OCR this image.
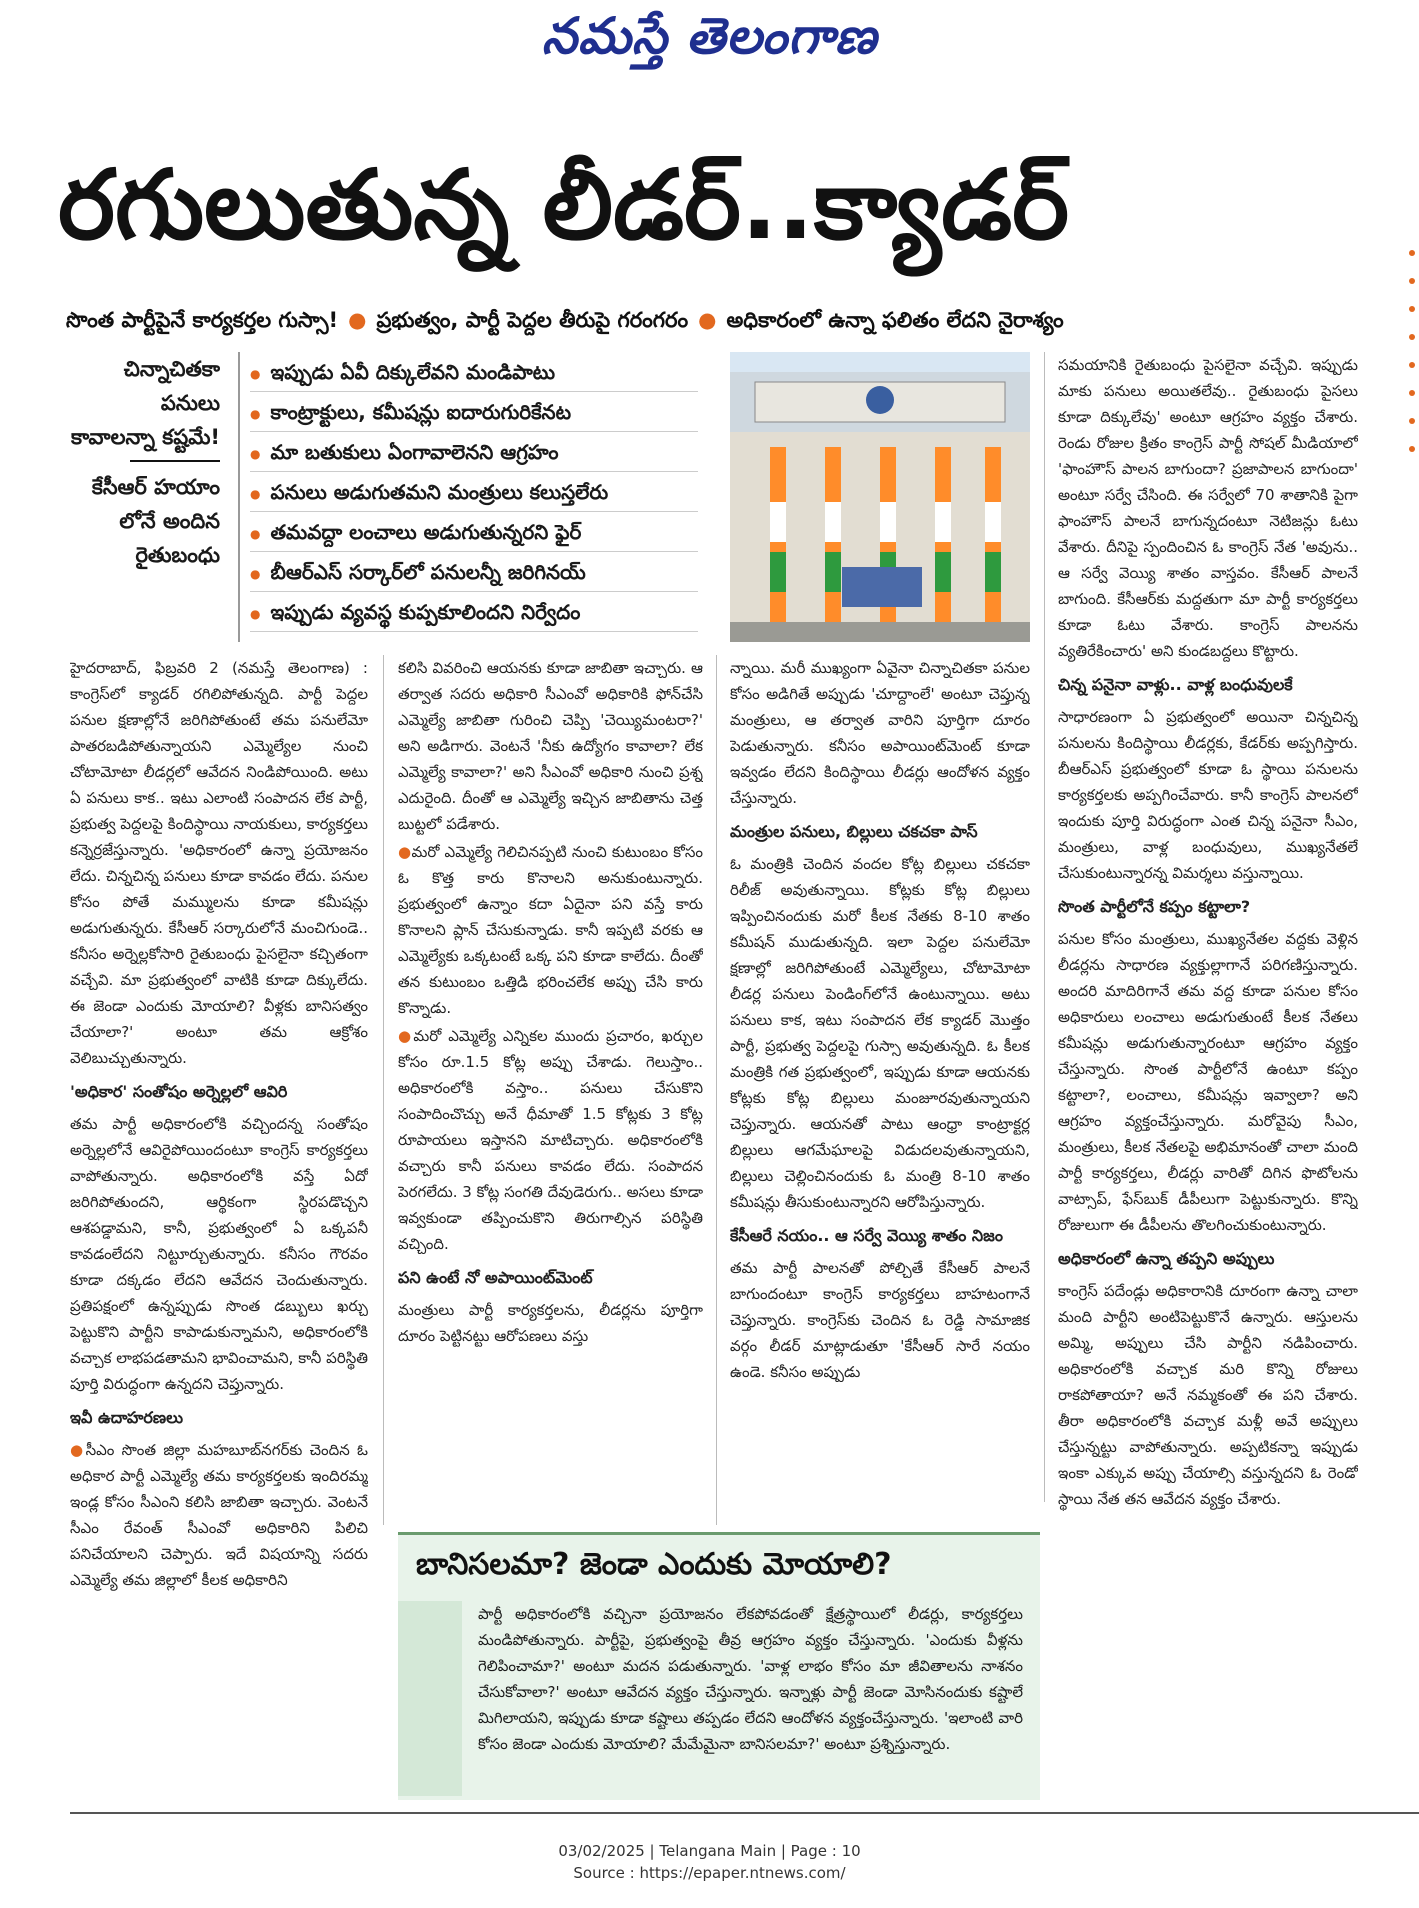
నమస్తే తెలంగాణ
రగులుతున్న లీడర్..క్యాడర్
సొంత పార్టీపైనే కార్యకర్తల గుస్సా! ● ప్రభుత్వం, పార్టీ పెద్దల తీరుపై గరంగరం ● అధికారంలో ఉన్నా ఫలితం లేదని నైరాశ్యం
చిన్నాచితకా పనులు కావాలన్నా కష్టమే!
కేసీఆర్ హయాం లోనే అందిన రైతుబంధు
● ఇప్పుడు ఏవీ దిక్కులేవని మండిపాటు
● కాంట్రాక్టులు, కమీషన్లు ఐదారుగురికేనట
● మా బతుకులు ఏంగావాలెనని ఆగ్రహం
● పనులు అడుగుతమని మంత్రులు కలుస్తలేరు
● తమవద్దా లంచాలు అడుగుతున్నరని ఫైర్
● బీఆర్ఎస్ సర్కార్‌లో పనులన్నీ జరిగినయ్
● ఇప్పుడు వ్యవస్థ కుప్పకూలిందని నిర్వేదం

హైదరాబాద్, ఫిబ్రవరి 2 (నమస్తే తెలంగాణ) : కాంగ్రెస్‌లో క్యాడర్ రగిలిపోతున్నది. పార్టీ పెద్దల పనుల క్షణాల్లోనే జరిగిపోతుంటే తమ పనులేమో పాతరబడిపోతున్నాయని ఎమ్మెల్యేల నుంచి చోటామోటా లీడర్లలో ఆవేదన నిండిపోయింది. అటు ఏ పనులు కాక.. ఇటు ఎలాంటి సంపాదన లేక పార్టీ, ప్రభుత్వ పెద్దలపై కిందిస్థాయి నాయకులు, కార్యకర్తలు కన్నెర్రజేస్తున్నారు. 'అధికారంలో ఉన్నా ప్రయోజనం లేదు. చిన్నచిన్న పనులు కూడా కావడం లేదు. పనుల కోసం పోతే మమ్ములను కూడా కమీషన్లు అడుగుతున్నరు. కేసీఆర్ సర్కారులోనే మంచిగుండె.. కనీసం అర్నెల్లకోసారి రైతుబంధు పైసలైనా కచ్చితంగా వచ్చేవి. మా ప్రభుత్వంలో వాటికి కూడా దిక్కులేదు. ఈ జెండా ఎందుకు మోయాలి? వీళ్లకు బానిసత్వం చేయాలా?' అంటూ తమ ఆక్రోశం వెలిబుచ్చుతున్నారు.

'అధికార' సంతోషం అర్నెల్లలో ఆవిరి

తమ పార్టీ అధికారంలోకి వచ్చిందన్న సంతోషం అర్నెల్లలోనే ఆవిరైపోయిందంటూ కాంగ్రెస్ కార్యకర్తలు వాపోతున్నారు. అధికారంలోకి వస్తే ఏదో జరిగిపోతుందని, ఆర్థికంగా స్థిరపడొచ్చని ఆశపడ్డామని, కానీ, ప్రభుత్వంలో ఏ ఒక్కపనీ కావడంలేదని నిట్టూర్చుతున్నారు. కనీసం గౌరవం కూడా దక్కడం లేదని ఆవేదన చెందుతున్నారు. ప్రతిపక్షంలో ఉన్నప్పుడు సొంత డబ్బులు ఖర్చు పెట్టుకొని పార్టీని కాపాడుకున్నామని, అధికారంలోకి వచ్చాక లాభపడతామని భావించామని, కానీ పరిస్థితి పూర్తి విరుద్ధంగా ఉన్నదని చెప్తున్నారు.

ఇవీ ఉదాహరణలు

● సీఎం సొంత జిల్లా మహబూబ్‌నగర్‌కు చెందిన ఓ అధికార పార్టీ ఎమ్మెల్యే తమ కార్యకర్తలకు ఇందిరమ్మ ఇండ్ల కోసం సీఎంని కలిసి జాబితా ఇచ్చారు. వెంటనే సీఎం రేవంత్ సీఎంవో అధికారిని పిలిచి పనిచేయాలని చెప్పారు. ఇదే విషయాన్ని సదరు ఎమ్మెల్యే తమ జిల్లాలో కీలక అధికారిని

కలిసి వివరించి ఆయనకు కూడా జాబితా ఇచ్చారు. ఆ తర్వాత సదరు అధికారి సీఎంవో అధికారికి ఫోన్‌చేసి ఎమ్మెల్యే జాబితా గురించి చెప్పి 'చెయ్యిమంటరా?' అని అడిగారు. వెంటనే 'నీకు ఉద్యోగం కావాలా? లేక ఎమ్మెల్యే కావాలా?' అని సీఎంవో అధికారి నుంచి ప్రశ్న ఎదురైంది. దీంతో ఆ ఎమ్మెల్యే ఇచ్చిన జాబితాను చెత్త బుట్టలో పడేశారు.

● మరో ఎమ్మెల్యే గెలిచినప్పటి నుంచి కుటుంబం కోసం ఓ కొత్త కారు కొనాలని అనుకుంటున్నారు. ప్రభుత్వంలో ఉన్నాం కదా ఏదైనా పని వస్తే కారు కొనాలని ప్లాన్ చేసుకున్నాడు. కానీ ఇప్పటి వరకు ఆ ఎమ్మెల్యేకు ఒక్కటంటే ఒక్క పని కూడా కాలేదు. దీంతో తన కుటుంబం ఒత్తిడి భరించలేక అప్పు చేసి కారు కొన్నాడు.

● మరో ఎమ్మెల్యే ఎన్నికల ముందు ప్రచారం, ఖర్చుల కోసం రూ.1.5 కోట్ల అప్పు చేశాడు. గెలుస్తాం.. అధికారంలోకి వస్తాం.. పనులు చేసుకొని సంపాదించొచ్చు అనే ధీమాతో 1.5 కోట్లకు 3 కోట్ల రూపాయలు ఇస్తానని మాటిచ్చారు. అధికారంలోకి వచ్చారు కానీ పనులు కావడం లేదు. సంపాదన పెరగలేదు. 3 కోట్ల సంగతి దేవుడెరుగు.. అసలు కూడా ఇవ్వకుండా తప్పించుకొని తిరుగాల్సిన పరిస్థితి వచ్చింది.

పని ఉంటే నో అపాయింట్‌మెంట్

మంత్రులు పార్టీ కార్యకర్తలను, లీడర్లను పూర్తిగా దూరం పెట్టినట్టు ఆరోపణలు వస్తు

న్నాయి. మరీ ముఖ్యంగా ఏవైనా చిన్నాచితకా పనుల కోసం అడిగితే అప్పుడు 'చూద్దాంలే' అంటూ చెప్తున్న మంత్రులు, ఆ తర్వాత వారిని పూర్తిగా దూరం పెడుతున్నారు. కనీసం అపాయింట్‌మెంట్ కూడా ఇవ్వడం లేదని కిందిస్థాయి లీడర్లు ఆందోళన వ్యక్తం చేస్తున్నారు.

మంత్రుల పనులు, బిల్లులు చకచకా పాస్

ఓ మంత్రికి చెందిన వందల కోట్ల బిల్లులు చకచకా రిలీజ్ అవుతున్నాయి. కోట్లకు కోట్ల బిల్లులు ఇప్పించినందుకు మరో కీలక నేతకు 8-10 శాతం కమీషన్ ముడుతున్నది. ఇలా పెద్దల పనులేమో క్షణాల్లో జరిగిపోతుంటే ఎమ్మెల్యేలు, చోటామోటా లీడర్ల పనులు పెండింగ్‌లోనే ఉంటున్నాయి. అటు పనులు కాక, ఇటు సంపాదన లేక క్యాడర్ మొత్తం పార్టీ, ప్రభుత్వ పెద్దలపై గుస్సా అవుతున్నది. ఓ కీలక మంత్రికి గత ప్రభుత్వంలో, ఇప్పుడు కూడా ఆయనకు కోట్లకు కోట్ల బిల్లులు మంజూరవుతున్నాయని చెప్తున్నారు. ఆయనతో పాటు ఆంధ్రా కాంట్రాక్టర్ల బిల్లులు ఆగమేఘాలపై విడుదలవుతున్నాయని, బిల్లులు చెల్లించినందుకు ఓ మంత్రి 8-10 శాతం కమీషన్లు తీసుకుంటున్నారని ఆరోపిస్తున్నారు.

కేసీఆరే నయం.. ఆ సర్వే వెయ్యి శాతం నిజం

తమ పార్టీ పాలనతో పోల్చితే కేసీఆర్ పాలనే బాగుందంటూ కాంగ్రెస్ కార్యకర్తలు బాహటంగానే చెప్తున్నారు. కాంగ్రెస్‌కు చెందిన ఓ రెడ్డి సామాజిక వర్గం లీడర్ మాట్లాడుతూ 'కేసీఆర్ సారే నయం ఉండె. కనీసం అప్పుడు

సమయానికి రైతుబంధు పైసలైనా వచ్చేవి. ఇప్పుడు మాకు పనులు అయితలేవు.. రైతుబంధు పైసలు కూడా దిక్కులేవు' అంటూ ఆగ్రహం వ్యక్తం చేశారు. రెండు రోజుల క్రితం కాంగ్రెస్ పార్టీ సోషల్ మీడియాలో 'ఫాంహౌస్ పాలన బాగుందా? ప్రజాపాలన బాగుందా' అంటూ సర్వే చేసింది. ఈ సర్వేలో 70 శాతానికి పైగా ఫాంహౌస్ పాలనే బాగున్నదంటూ నెటిజన్లు ఓటు వేశారు. దీనిపై స్పందించిన ఓ కాంగ్రెస్ నేత 'అవును.. ఆ సర్వే వెయ్యి శాతం వాస్తవం. కేసీఆర్ పాలనే బాగుంది. కేసీఆర్‌కు మద్దతుగా మా పార్టీ కార్యకర్తలు కూడా ఓటు వేశారు. కాంగ్రెస్ పాలనను వ్యతిరేకించారు' అని కుండబద్దలు కొట్టారు.

చిన్న పనైనా వాళ్లు.. వాళ్ల బంధువులకే

సాధారణంగా ఏ ప్రభుత్వంలో అయినా చిన్నచిన్న పనులను కిందిస్థాయి లీడర్లకు, కేడర్‌కు అప్పగిస్తారు. బీఆర్ఎస్ ప్రభుత్వంలో కూడా ఓ స్థాయి పనులను కార్యకర్తలకు అప్పగించేవారు. కానీ కాంగ్రెస్ పాలనలో ఇందుకు పూర్తి విరుద్ధంగా ఎంత చిన్న పనైనా సీఎం, మంత్రులు, వాళ్ల బంధువులు, ముఖ్యనేతలే చేసుకుంటున్నారన్న విమర్శలు వస్తున్నాయి.

సొంత పార్టీలోనే కప్పం కట్టాలా?

పనుల కోసం మంత్రులు, ముఖ్యనేతల వద్దకు వెళ్లిన లీడర్లను సాధారణ వ్యక్తుల్లాగానే పరిగణిస్తున్నారు. అందరి మాదిరిగానే తమ వద్ద కూడా పనుల కోసం అధికారులు లంచాలు అడుగుతుంటే కీలక నేతలు కమీషన్లు అడుగుతున్నారంటూ ఆగ్రహం వ్యక్తం చేస్తున్నారు. సొంత పార్టీలోనే ఉంటూ కప్పం కట్టాలా?, లంచాలు, కమీషన్లు ఇవ్వాలా? అని ఆగ్రహం వ్యక్తంచేస్తున్నారు. మరోవైపు సీఎం, మంత్రులు, కీలక నేతలపై అభిమానంతో చాలా మంది పార్టీ కార్యకర్తలు, లీడర్లు వారితో దిగిన ఫొటోలను వాట్సాప్, ఫేస్‌బుక్ డీపీలుగా పెట్టుకున్నారు. కొన్ని రోజులుగా ఈ డీపీలను తొలగించుకుంటున్నారు.

అధికారంలో ఉన్నా తప్పని అప్పులు

కాంగ్రెస్ పదేండ్లు అధికారానికి దూరంగా ఉన్నా చాలా మంది పార్టీని అంటిపెట్టుకొనే ఉన్నారు. ఆస్తులను అమ్మి, అప్పులు చేసి పార్టీని నడిపించారు. అధికారంలోకి వచ్చాక మరి కొన్ని రోజులు రాకపోతాయా? అనే నమ్మకంతో ఈ పని చేశారు. తీరా అధికారంలోకి వచ్చాక మళ్లీ అవే అప్పులు చేస్తున్నట్టు వాపోతున్నారు. అప్పటికన్నా ఇప్పుడు ఇంకా ఎక్కువ అప్పు చేయాల్సి వస్తున్నదని ఓ రెండో స్థాయి నేత తన ఆవేదన వ్యక్తం చేశారు.

బానిసలమా? జెండా ఎందుకు మోయాలి?
పార్టీ అధికారంలోకి వచ్చినా ప్రయోజనం లేకపోవడంతో క్షేత్రస్థాయిలో లీడర్లు, కార్యకర్తలు మండిపోతున్నారు. పార్టీపై, ప్రభుత్వంపై తీవ్ర ఆగ్రహం వ్యక్తం చేస్తున్నారు. 'ఎందుకు వీళ్లను గెలిపించామా?' అంటూ మదన పడుతున్నారు. 'వాళ్ల లాభం కోసం మా జీవితాలను నాశనం చేసుకోవాలా?' అంటూ ఆవేదన వ్యక్తం చేస్తున్నారు. ఇన్నాళ్లు పార్టీ జెండా మోసినందుకు కష్టాలే మిగిలాయని, ఇప్పుడు కూడా కష్టాలు తప్పడం లేదని ఆందోళన వ్యక్తంచేస్తున్నారు. 'ఇలాంటి వారి కోసం జెండా ఎందుకు మోయాలి? మేమేమైనా బానిసలమా?' అంటూ ప్రశ్నిస్తున్నారు.
03/02/2025 | Telangana Main | Page : 10
Source : https://epaper.ntnews.com/
